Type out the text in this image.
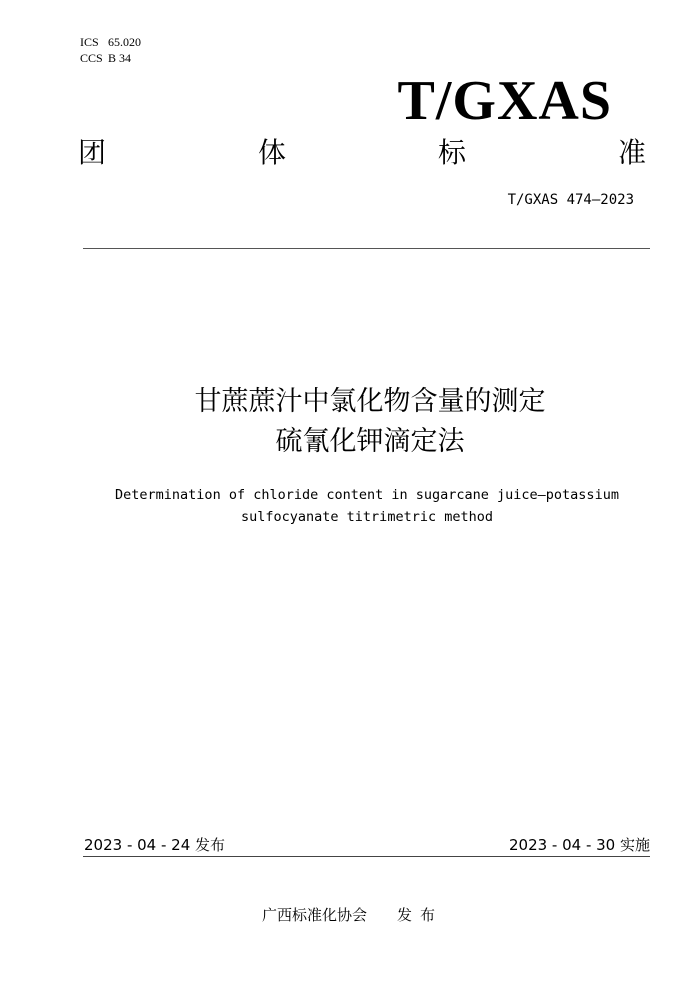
ICS 65.020
CCS B 34
T/GXAS
团	体	标	准
T/GXAS 474—2023
甘蔗蔗汁中氯化物含量的测定
硫氰化钾滴定法
Determination of chloride content in sugarcane juice—potassium
sulfocyanate titrimetric method
2023 - 04 - 24 发布	2023 - 04 - 30 实施
广西标准化协会 发布
